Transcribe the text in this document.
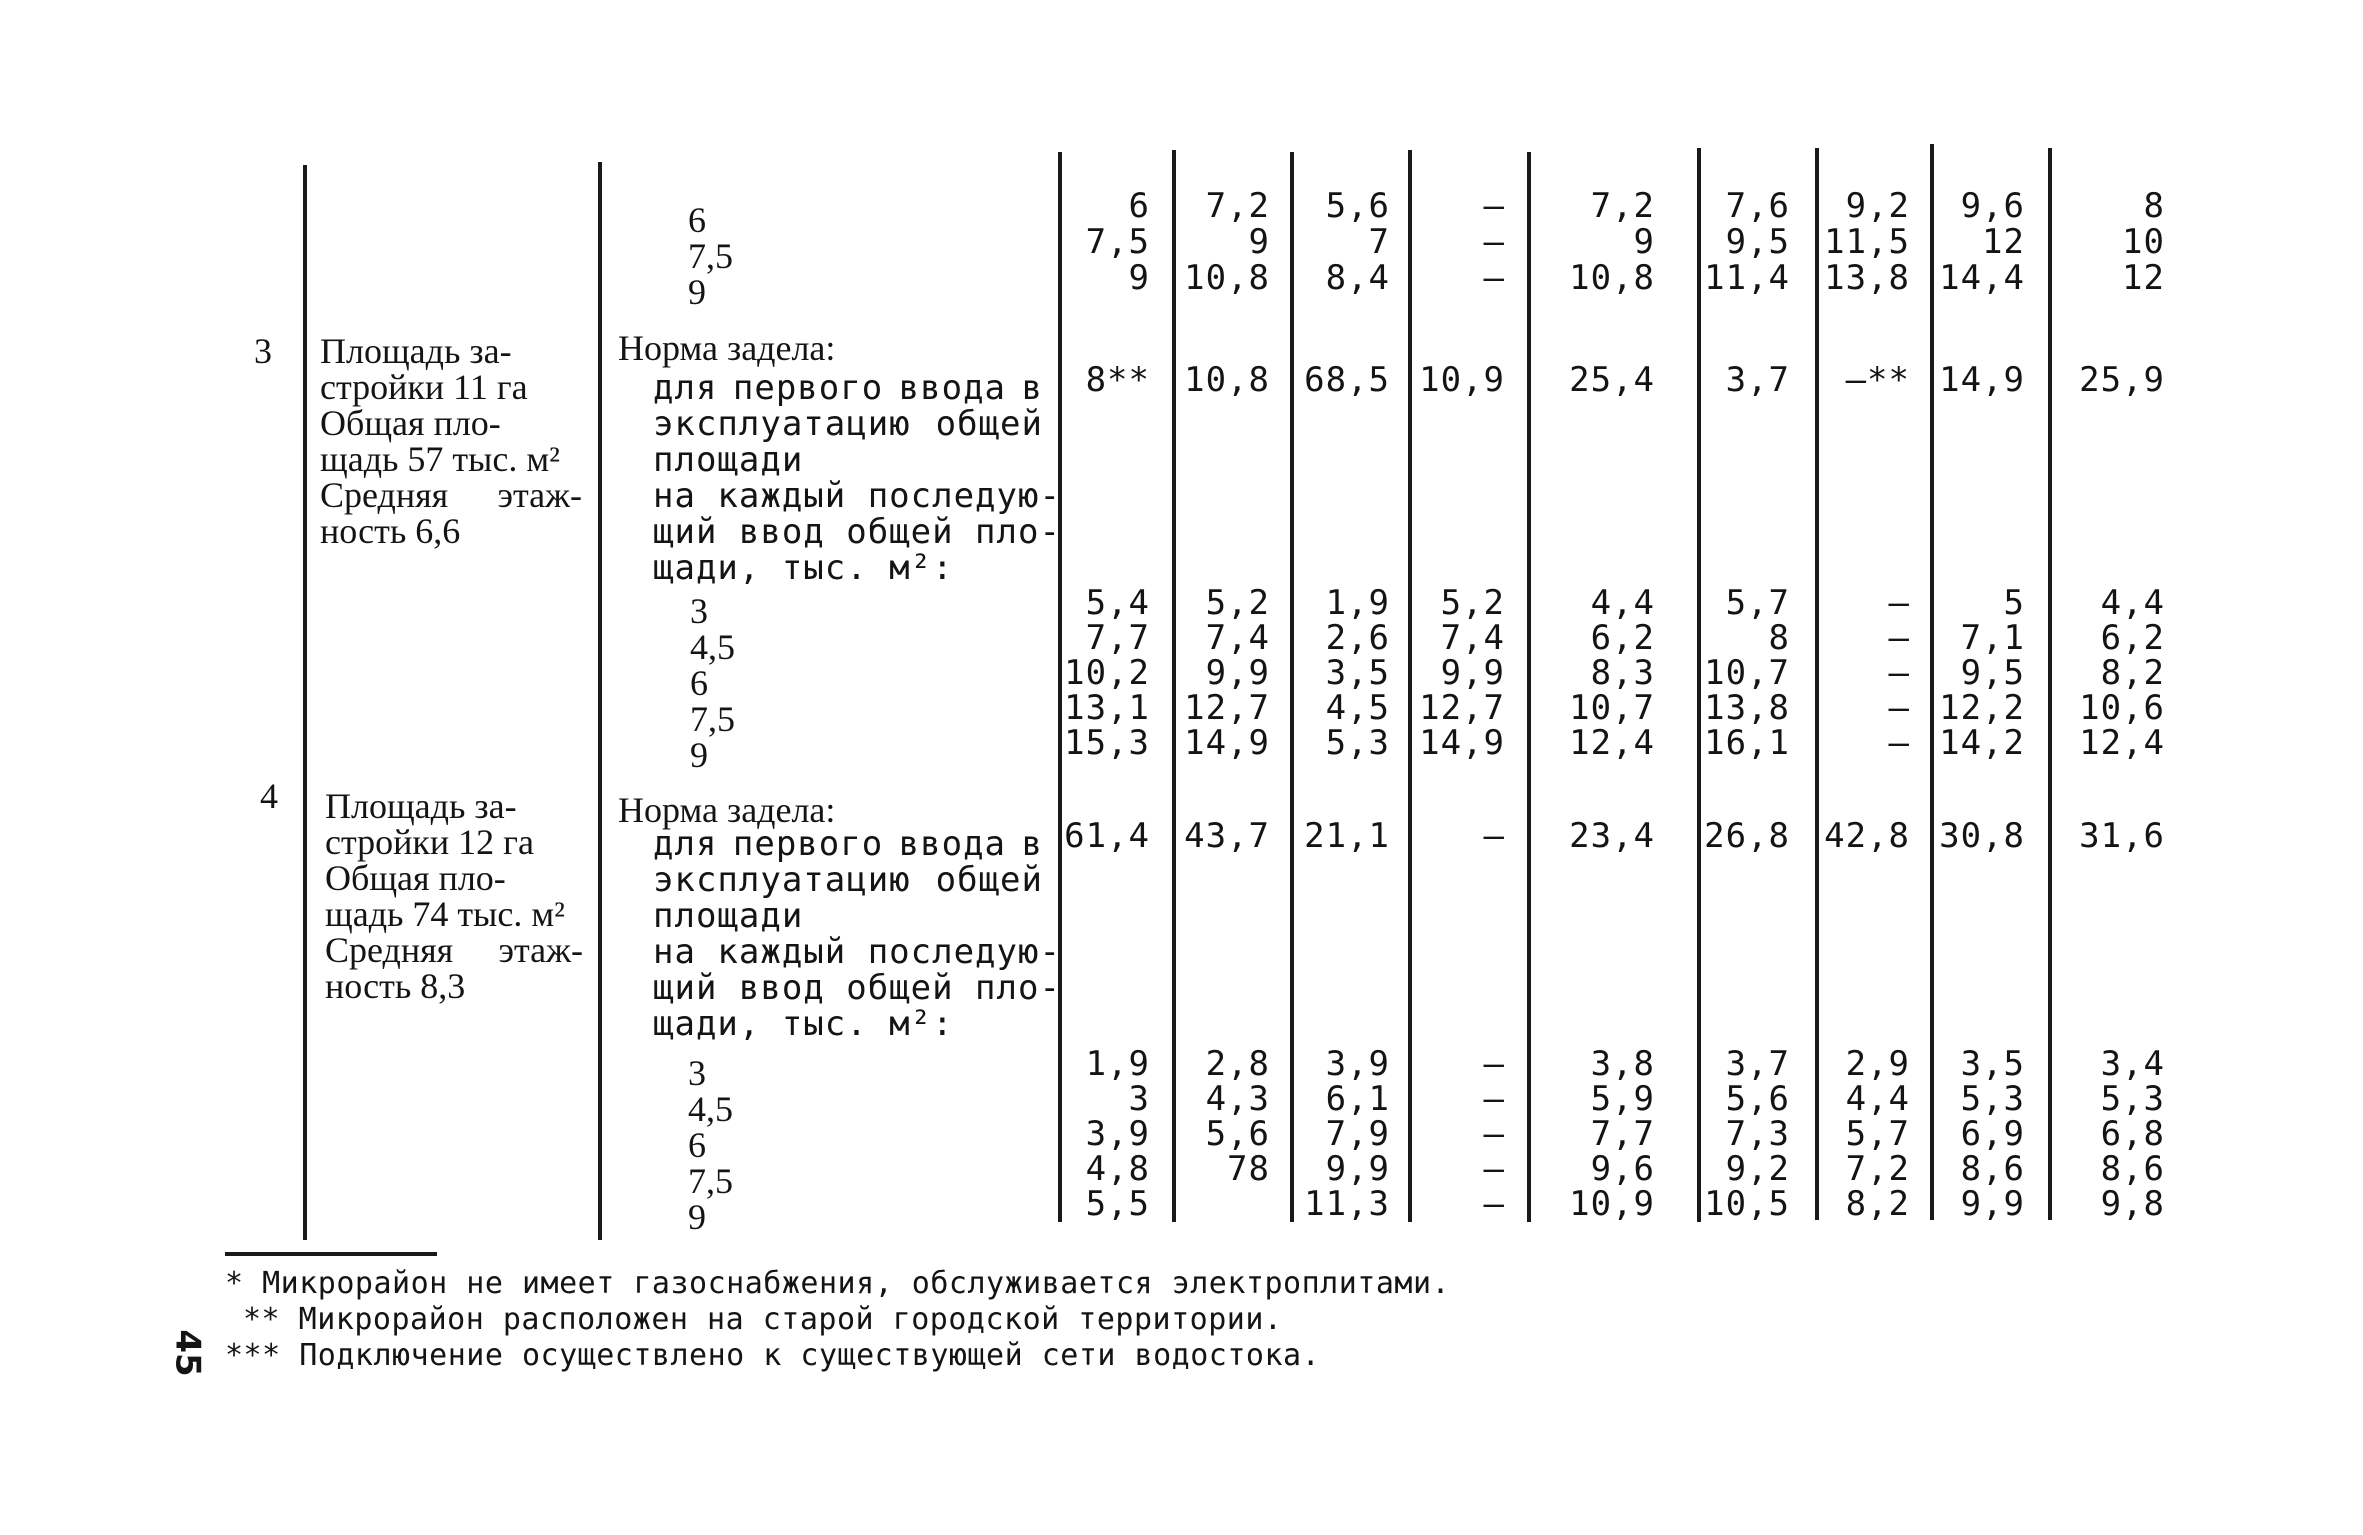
6
7,5
9
6
7,5
9
7,2
9
10,8
5,6
7
8,4
—
—
—
7,2
9
10,8
7,6
9,5
11,4
9,2
11,5
13,8
9,6
12
14,4
8
10
12
3 Площадь за-
стройки 11 га
Общая пло-
щадь 57 тыс. м²
Средняя этаж-
ность 6,6
Норма задела:
для первого ввода в
эксплуатацию общей
площади
на каждый последую-
щий ввод общей пло-
щади, тыс. м²:
8** 10,8 68,5 10,9 25,4 3,7 —** 14,9 25,9
3
4,5
6
7,5
9
5,4
7,7
10,2
13,1
15,3
5,2
7,4
9,9
12,7
14,9
1,9
2,6
3,5
4,5
5,3
5,2
7,4
9,9
12,7
14,9
4,4
6,2
8,3
10,7
12,4
5,7
8
10,7
13,8
16,1
—
—
—
—
—
5
7,1
9,5
12,2
14,2
4,4
6,2
8,2
10,6
12,4
4 Площадь за-
стройки 12 га
Общая пло-
щадь 74 тыс. м²
Средняя этаж-
ность 8,3
Норма задела:
для первого ввода в
эксплуатацию общей
площади
на каждый последую-
щий ввод общей пло-
щади, тыс. м²:
61,4 43,7 21,1	— 23,4 26,8 42,8 30,8 31,6
3
4,5
6
7,5
9
1,9
3
3,9
4,8
5,5
2,8
4,3
5,6
78
3,9
6,1
7,9
9,9
11,3
—
—
—
—
—
3,8
5,9
7,7
9,6
10,9
3,7
5,6
7,3
9,2
10,5
2,9
4,4
5,7
7,2
8,2
3,5
5,3
6,9
8,6
9,9
3,4
5,3
6,8
8,6
9,8
* Микрорайон не имеет газоснабжения, обслуживается электроплитами.
** Микрорайон расположен на старой городской территории.
*** Подключение осуществлено к существующей сети водостока.
45
